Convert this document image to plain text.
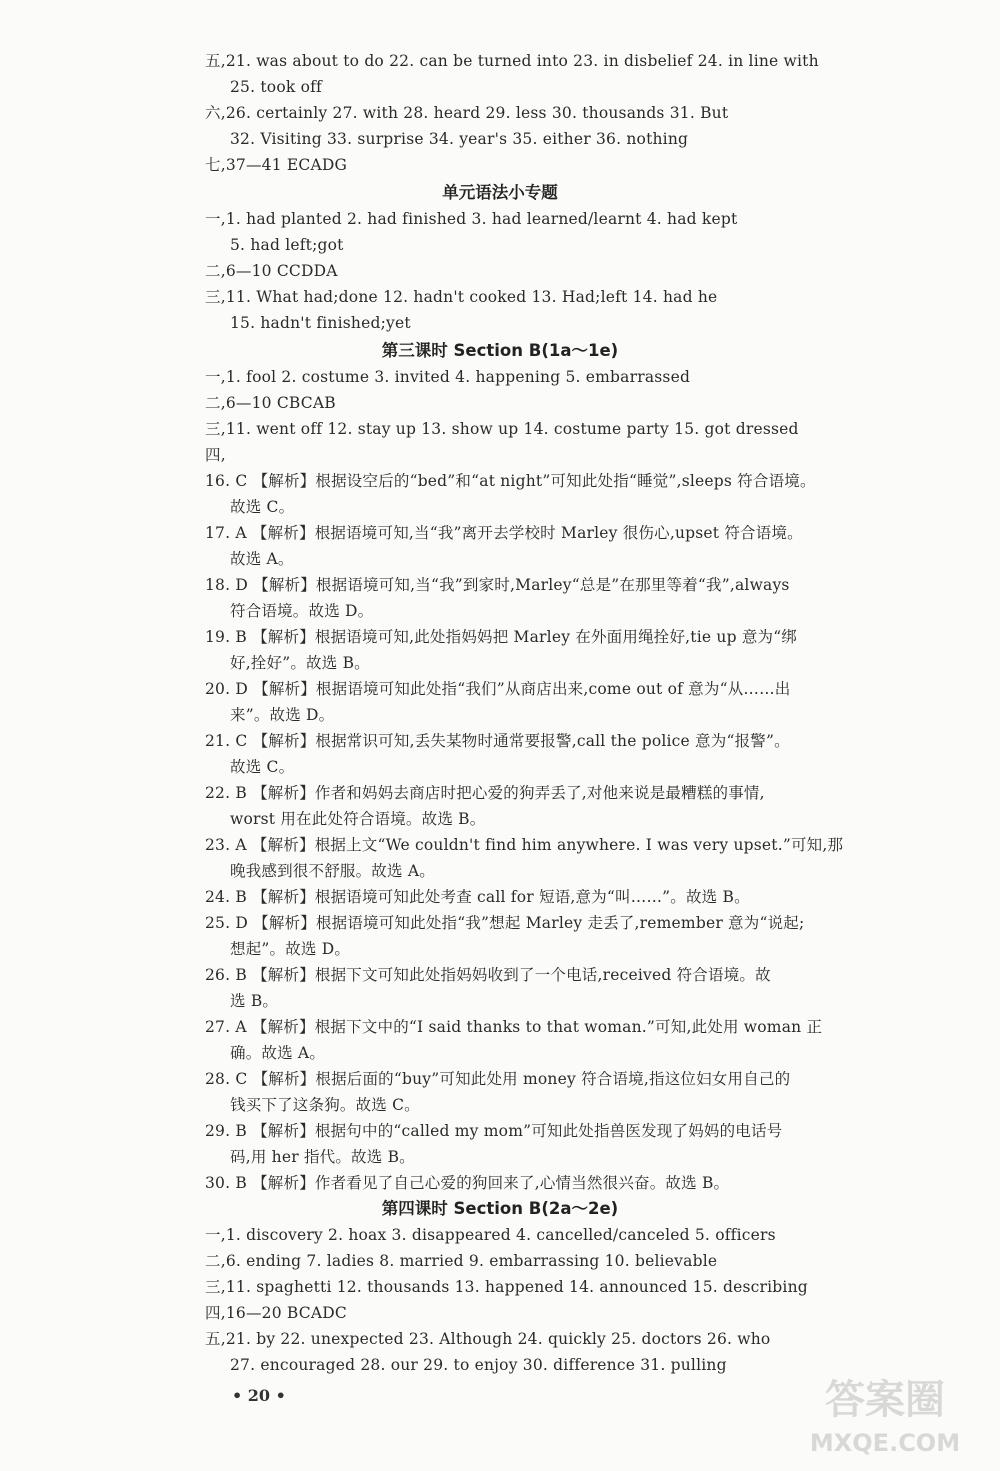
五,21. was about to do 22. can be turned into 23. in disbelief 24. in line with
25. took off
六,26. certainly 27. with 28. heard 29. less 30. thousands 31. But
32. Visiting 33. surprise 34. year's 35. either 36. nothing
七,37—41 ECADG
单元语法小专题
一,1. had planted 2. had finished 3. had learned/learnt 4. had kept
5. had left;got
二,6—10 CCDDA
三,11. What had;done 12. hadn't cooked 13. Had;left 14. had he
15. hadn't finished;yet
第三课时 Section B(1a～1e)
一,1. fool 2. costume 3. invited 4. happening 5. embarrassed
二,6—10 CBCAB
三,11. went off 12. stay up 13. show up 14. costume party 15. got dressed
四,
16. C 【解析】根据设空后的“bed”和“at night”可知此处指“睡觉”,sleeps 符合语境。
故选 C。
17. A 【解析】根据语境可知,当“我”离开去学校时 Marley 很伤心,upset 符合语境。
故选 A。
18. D 【解析】根据语境可知,当“我”到家时,Marley“总是”在那里等着“我”,always
符合语境。故选 D。
19. B 【解析】根据语境可知,此处指妈妈把 Marley 在外面用绳拴好,tie up 意为“绑
好,拴好”。故选 B。
20. D 【解析】根据语境可知此处指“我们”从商店出来,come out of 意为“从……出
来”。故选 D。
21. C 【解析】根据常识可知,丢失某物时通常要报警,call the police 意为“报警”。
故选 C。
22. B 【解析】作者和妈妈去商店时把心爱的狗弄丢了,对他来说是最糟糕的事情,
worst 用在此处符合语境。故选 B。
23. A 【解析】根据上文“We couldn't find him anywhere. I was very upset.”可知,那
晚我感到很不舒服。故选 A。
24. B 【解析】根据语境可知此处考查 call for 短语,意为“叫……”。故选 B。
25. D 【解析】根据语境可知此处指“我”想起 Marley 走丢了,remember 意为“说起;
想起”。故选 D。
26. B 【解析】根据下文可知此处指妈妈收到了一个电话,received 符合语境。故
选 B。
27. A 【解析】根据下文中的“I said thanks to that woman.”可知,此处用 woman 正
确。故选 A。
28. C 【解析】根据后面的“buy”可知此处用 money 符合语境,指这位妇女用自己的
钱买下了这条狗。故选 C。
29. B 【解析】根据句中的“called my mom”可知此处指兽医发现了妈妈的电话号
码,用 her 指代。故选 B。
30. B 【解析】作者看见了自己心爱的狗回来了,心情当然很兴奋。故选 B。
第四课时 Section B(2a～2e)
一,1. discovery 2. hoax 3. disappeared 4. cancelled/canceled 5. officers
二,6. ending 7. ladies 8. married 9. embarrassing 10. believable
三,11. spaghetti 12. thousands 13. happened 14. announced 15. describing
四,16—20 BCADC
五,21. by 22. unexpected 23. Although 24. quickly 25. doctors 26. who
27. encouraged 28. our 29. to enjoy 30. difference 31. pulling
• 20 •	答案圈
MXQE.COM
